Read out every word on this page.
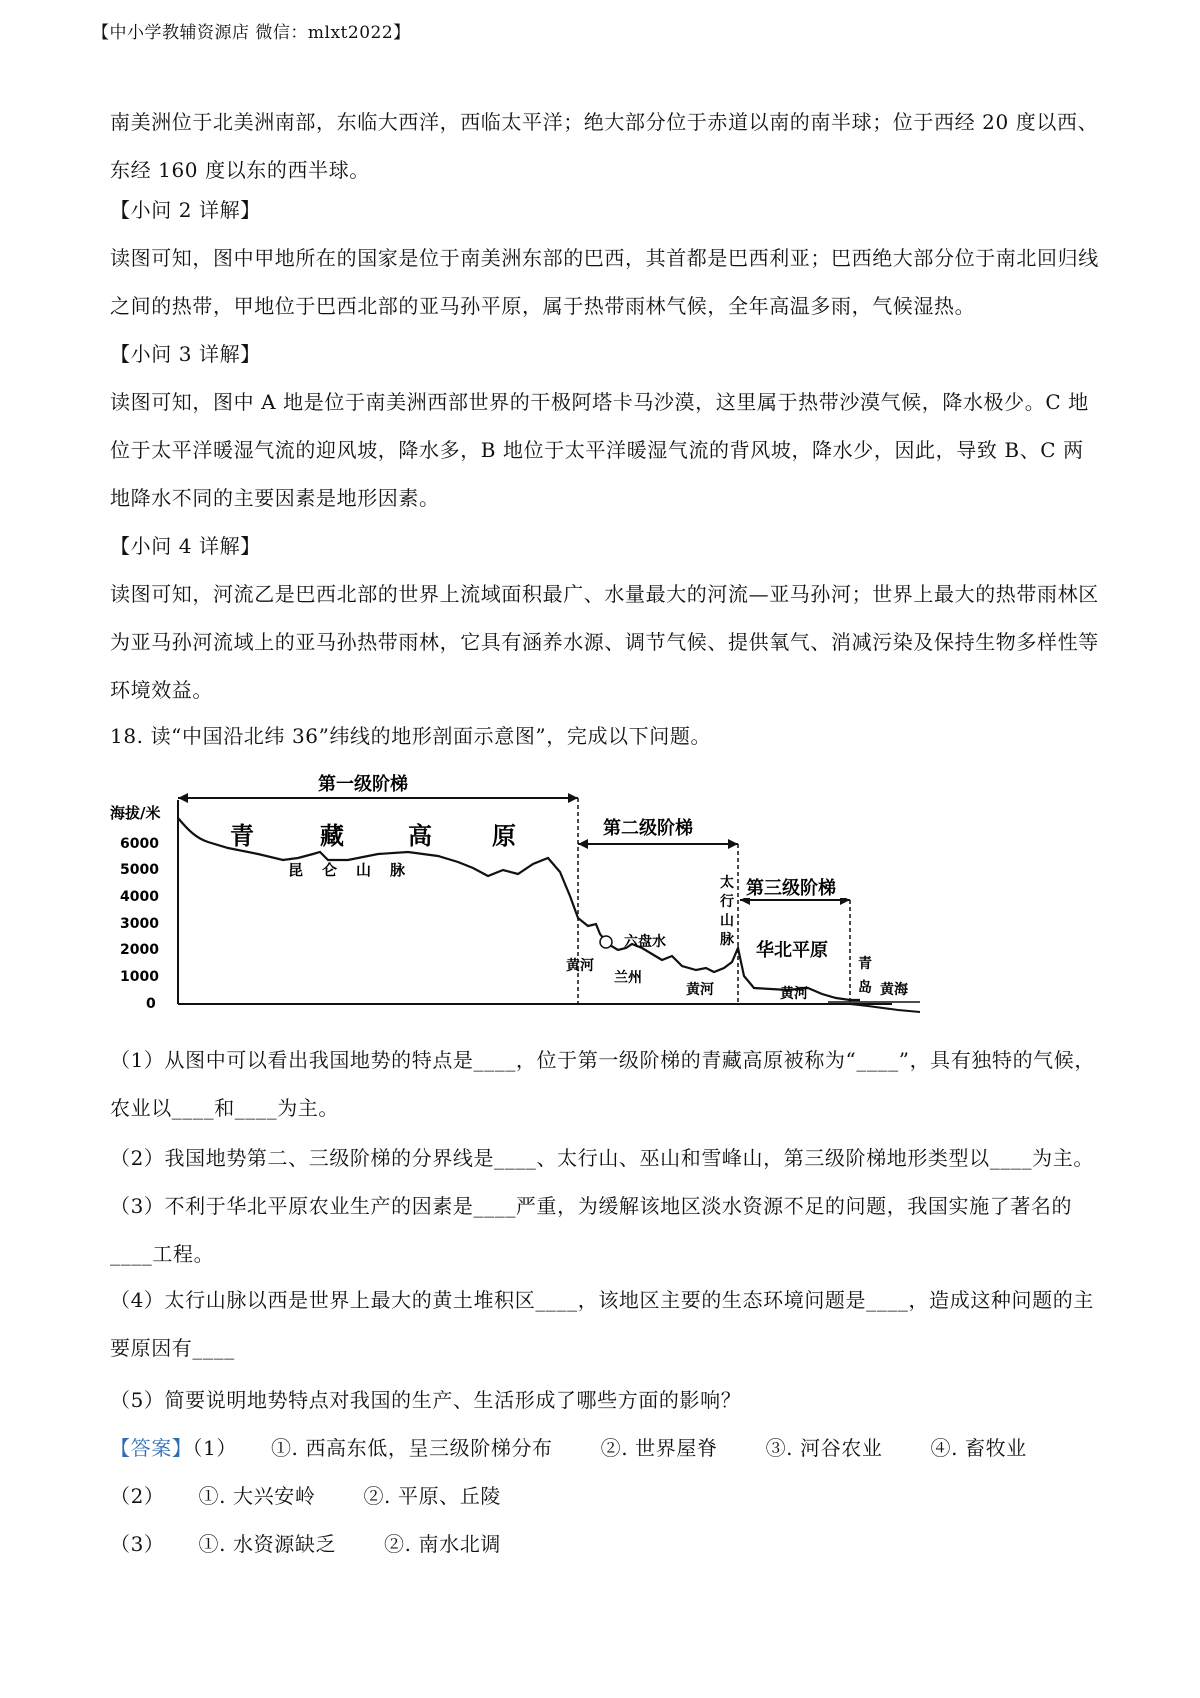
【中小学教辅资源店 微信：mlxt2022】
南美洲位于北美洲南部，东临大西洋，西临太平洋；绝大部分位于赤道以南的南半球；位于西经 20 度以西、东经 160 度以东的西半球。
【小问 2 详解】
读图可知，图中甲地所在的国家是位于南美洲东部的巴西，其首都是巴西利亚；巴西绝大部分位于南北回归线之间的热带，甲地位于巴西北部的亚马孙平原，属于热带雨林气候，全年高温多雨，气候湿热。
【小问 3 详解】
读图可知，图中 A 地是位于南美洲西部世界的干极阿塔卡马沙漠，这里属于热带沙漠气候，降水极少。C 地位于太平洋暖湿气流的迎风坡，降水多，B 地位于太平洋暖湿气流的背风坡，降水少，因此，导致 B、C 两地降水不同的主要因素是地形因素。
【小问 4 详解】
读图可知，河流乙是巴西北部的世界上流域面积最广、水量最大的河流—亚马孙河；世界上最大的热带雨林区为亚马孙河流域上的亚马孙热带雨林，它具有涵养水源、调节气候、提供氧气、消减污染及保持生物多样性等环境效益。
18. 读“中国沿北纬 36”纬线的地形剖面示意图”，完成以下问题。
海拔/米
6000
5000
4000
3000
2000
1000
0
第一级阶梯
青	藏	高	原
昆 仑 山 脉
第二级阶梯
第三级阶梯
黄河
兰州
六盘水
黄河
太
行
山
脉 华北平原
黄河
青
岛 黄海
（1）从图中可以看出我国地势的特点是____，位于第一级阶梯的青藏高原被称为“____”，具有独特的气候，农业以____和____为主。
（2）我国地势第二、三级阶梯的分界线是____、太行山、巫山和雪峰山，第三级阶梯地形类型以____为主。
（3）不利于华北平原农业生产的因素是____严重，为缓解该地区淡水资源不足的问题，我国实施了著名的____工程。
（4）太行山脉以西是世界上最大的黄土堆积区____，该地区主要的生态环境问题是____，造成这种问题的主要原因有____
（5）简要说明地势特点对我国的生产、生活形成了哪些方面的影响？
【答案】（1） ①. 西高东低，呈三级阶梯分布 ②. 世界屋脊 ③. 河谷农业 ④. 畜牧业
（2） ①. 大兴安岭 ②. 平原、丘陵
（3） ①. 水资源缺乏 ②. 南水北调
